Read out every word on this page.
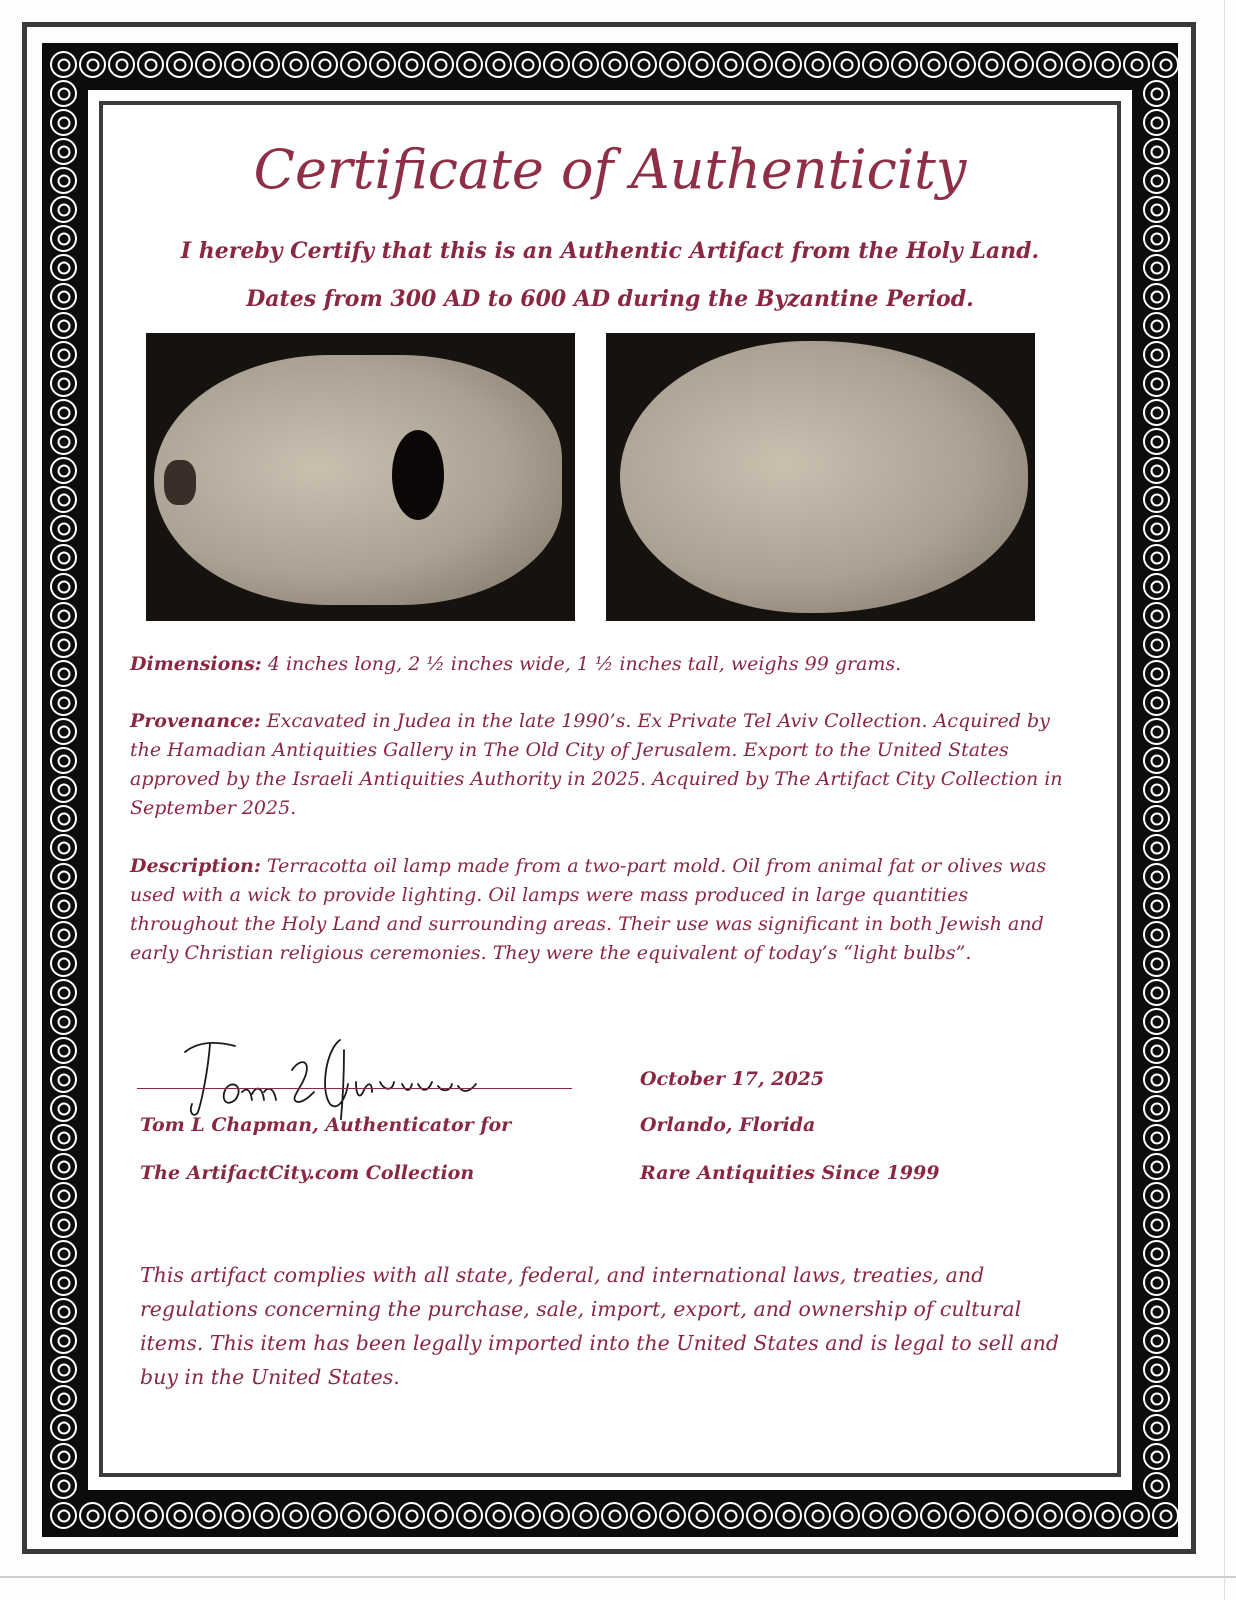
Certificate of Authenticity
I hereby Certify that this is an Authentic Artifact from the Holy Land.
Dates from 300 AD to 600 AD during the Byzantine Period.
Dimensions: 4 inches long, 2 ½ inches wide, 1 ½ inches tall, weighs 99 grams.
Provenance: Excavated in Judea in the late 1990’s. Ex Private Tel Aviv Collection. Acquired by the Hamadian Antiquities Gallery in The Old City of Jerusalem. Export to the United States approved by the Israeli Antiquities Authority in 2025. Acquired by The Artifact City Collection in September 2025.
Description: Terracotta oil lamp made from a two-part mold. Oil from animal fat or olives was used with a wick to provide lighting. Oil lamps were mass produced in large quantities throughout the Holy Land and surrounding areas. Their use was significant in both Jewish and early Christian religious ceremonies. They were the equivalent of today’s “light bulbs”.
Tom L Chapman, Authenticator for
The ArtifactCity.com Collection
October 17, 2025
Orlando, Florida
Rare Antiquities Since 1999
This artifact complies with all state, federal, and international laws, treaties, and regulations concerning the purchase, sale, import, export, and ownership of cultural items. This item has been legally imported into the United States and is legal to sell and buy in the United States.
